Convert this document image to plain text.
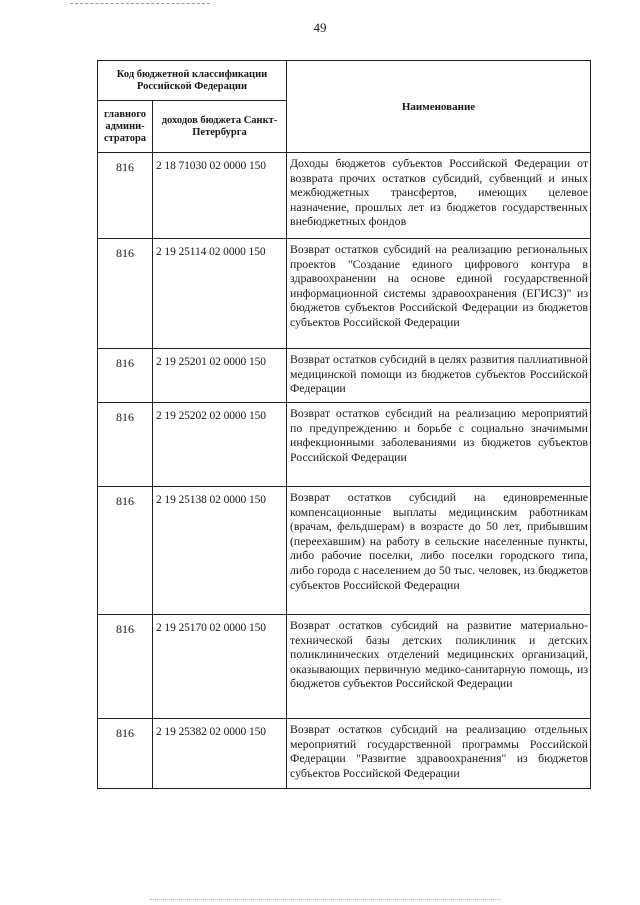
49
Код бюджетной классификации Российской Федерации		Наименование
главного админи-стратора	доходов бюджета Санкт-Петербурга	
816	2 18 71030 02 0000 150	Доходы бюджетов субъектов Российской Федерации от возврата прочих остатков субсидий, субвенций и иных межбюджетных трансфертов, имеющих целевое назначение, прошлых лет из бюджетов государственных внебюджетных фондов
816	2 19 25114 02 0000 150	Возврат остатков субсидий на реализацию региональных проектов "Создание единого цифрового контура в здравоохранении на основе единой государственной информационной системы здравоохранения (ЕГИСЗ)" из бюджетов субъектов Российской Федерации из бюджетов субъектов Российской Федерации
816	2 19 25201 02 0000 150	Возврат остатков субсидий в целях развития паллиативной медицинской помощи из бюджетов субъектов Российской Федерации
816	2 19 25202 02 0000 150	Возврат остатков субсидий на реализацию мероприятий по предупреждению и борьбе с социально значимыми инфекционными заболеваниями из бюджетов субъектов Российской Федерации
816	2 19 25138 02 0000 150	Возврат остатков субсидий на единовременные компенсационные выплаты медицинским работникам (врачам, фельдшерам) в возрасте до 50 лет, прибывшим (переехавшим) на работу в сельские населенные пункты, либо рабочие поселки, либо поселки городского типа, либо города с населением до 50 тыс. человек, из бюджетов субъектов Российской Федерации
816	2 19 25170 02 0000 150	Возврат остатков субсидий на развитие материально-технической базы детских поликлиник и детских поликлинических отделений медицинских организаций, оказывающих первичную медико-санитарную помощь, из бюджетов субъектов Российской Федерации
816	2 19 25382 02 0000 150	Возврат остатков субсидий на реализацию отдельных мероприятий государственной программы Российской Федерации "Развитие здравоохранения" из бюджетов субъектов Российской Федерации
